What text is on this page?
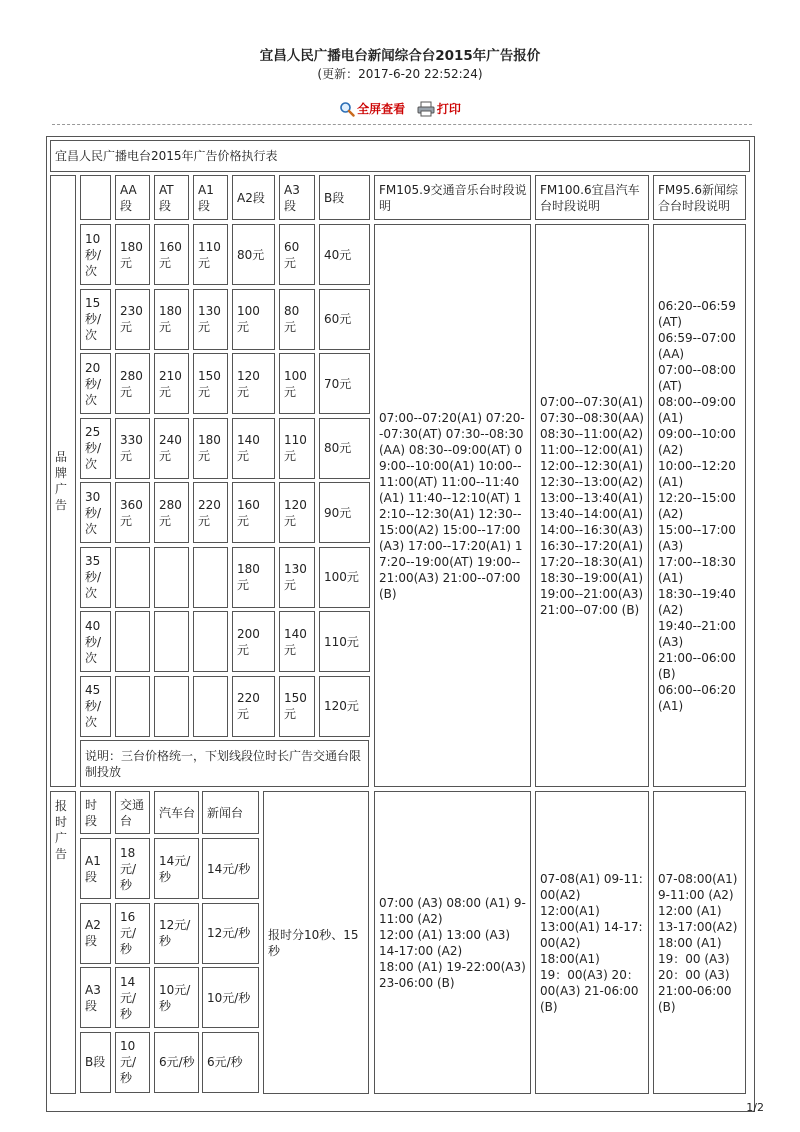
宜昌人民广播电台新闻综合台2015年广告报价
(更新：2017-6-20 22:52:24)
全屏查看
	打印
宜昌人民广播电台2015年广告价格执行表
品牌广告
AA段
AT段
A1段
A2段
A3段
B段
FM105.9交通音乐台时段说明
FM100.6宜昌汽车台时段说明
FM95.6新闻综合台时段说明
10秒/次
180元
160元
110元
80元
60元
40元
15秒/次
230元
180元
130元
100元
80元
60元
20秒/次
280元
210元
150元
120元
100元
70元
25秒/次
330元
240元
180元
140元
110元
80元
30秒/次
360元
280元
220元
160元
120元
90元
35秒/次
180元
130元
100元
40秒/次
200元
140元
110元
45秒/次
220元
150元
120元
说明：三台价格统一，下划线段位时长广告交通台限制投放
07:00--07:20(A1) 07:20--07:30(AT) 07:30--08:30(AA) 08:30--09:00(AT) 09:00--10:00(A1) 10:00--11:00(AT) 11:00--11:40(A1) 11:40--12:10(AT) 12:10--12:30(A1) 12:30--15:00(A2) 15:00--17:00(A3) 17:00--17:20(A1) 17:20--19:00(AT) 19:00--21:00(A3) 21:00--07:00 (B)
07:00--07:30(A1)
07:30--08:30(AA)
08:30--11:00(A2)
11:00--12:00(A1)
12:00--12:30(A1)
12:30--13:00(A2)
13:00--13:40(A1)
13:40--14:00(A1)
14:00--16:30(A3)
16:30--17:20(A1)
17:20--18:30(A1)
18:30--19:00(A1)
19:00--21:00(A3)
21:00--07:00 (B)
06:20--06:59(AT)
06:59--07:00(AA)
07:00--08:00(AT)
08:00--09:00(A1)
09:00--10:00(A2)
10:00--12:20(A1)
12:20--15:00(A2)
15:00--17:00(A3)
17:00--18:30(A1)
18:30--19:40(A2)
19:40--21:00(A3)
21:00--06:00(B)
06:00--06:20(A1)
报时广告
时段
交通台
汽车台 新闻台
A1段
18元/秒
14元/秒
14元/秒
A2段
16元/秒
12元/秒
12元/秒
A3段
14元/秒
10元/秒
10元/秒
B段
10元/秒
6元/秒 6元/秒
报时分10秒、15秒
07:00 (A3) 08:00 (A1) 9-11:00 (A2)
12:00 (A1) 13:00 (A3)
14-17:00 (A2)
18:00 (A1) 19-22:00(A3)
23-06:00 (B)
07-08(A1) 09-11:00(A2)
12:00(A1)
13:00(A1) 14-17:00(A2)
18:00(A1)
19：00(A3) 20：00(A3) 21-06:00(B)
07-08:00(A1)
9-11:00 (A2)
12:00 (A1)
13-17:00(A2)
18:00 (A1)
19：00 (A3)
20：00 (A3)
21:00-06:00(B)
1/2
